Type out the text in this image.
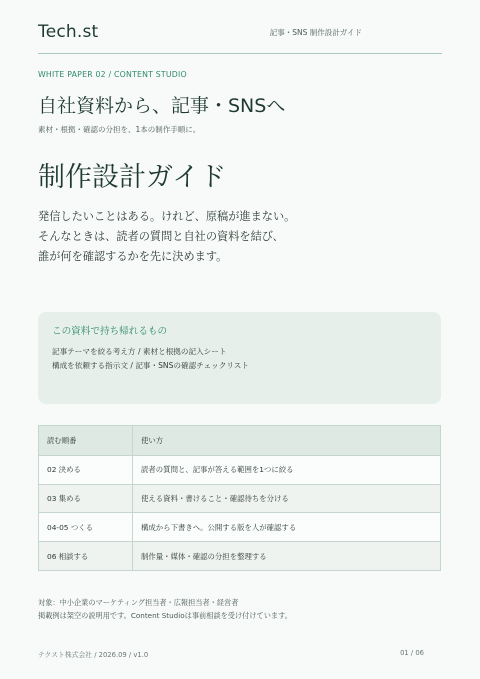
Tech.st	記事・SNS 制作設計ガイド
WHITE PAPER 02 / CONTENT STUDIO
自社資料から、記事・SNSへ
素材・根拠・確認の分担を、1本の制作手順に。
制作設計ガイド
発信したいことはある。けれど、原稿が進まない。
そんなときは、読者の質問と自社の資料を結び、
誰が何を確認するかを先に決めます。
この資料で持ち帰れるもの
記事テーマを絞る考え方 / 素材と根拠の記入シート
構成を依頼する指示文 / 記事・SNSの確認チェックリスト
読む順番	使い方
02 決める	読者の質問と、記事が答える範囲を1つに絞る
03 集める	使える資料・書けること・確認待ちを分ける
04-05 つくる	構成から下書きへ。公開する版を人が確認する
06 相談する	制作量・媒体・確認の分担を整理する
対象：中小企業のマーケティング担当者・広報担当者・経営者
掲載例は架空の説明用です。Content Studioは事前相談を受け付けています。
テクスト株式会社 / 2026.09 / v1.0	01 / 06
